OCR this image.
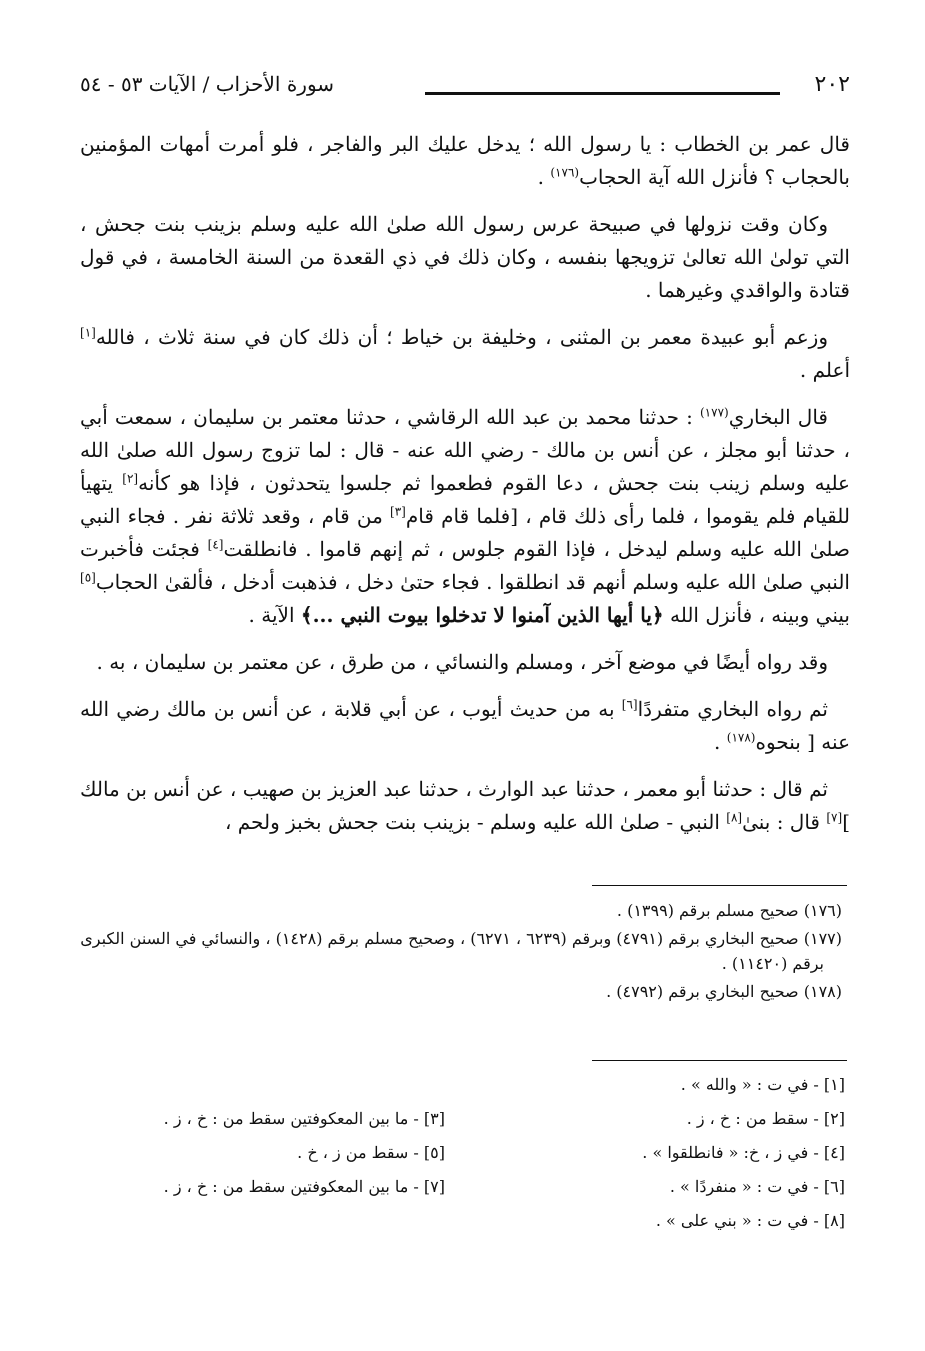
٢٠٢
سورة الأحزاب / الآيات ٥٣ - ٥٤

قال عمر بن الخطاب : يا رسول الله ؛ يدخل عليك البر والفاجر ، فلو أمرت أمهات المؤمنين بالحجاب ؟ فأنزل الله آية الحجاب$^{(١٧٦)}$ .

وكان وقت نزولها في صبيحة عرس رسول الله صلىٰ الله عليه وسلم بزينب بنت جحش ، التي تولىٰ الله تعالىٰ تزويجها بنفسه ، وكان ذلك في ذي القعدة من السنة الخامسة ، في قول قتادة والواقدي وغيرهما .

وزعم أبو عبيدة معمر بن المثنى ، وخليفة بن خياط ؛ أن ذلك كان في سنة ثلاث ، فالله[١] أعلم .

قال البخاري$^{(١٧٧)}$ : حدثنا محمد بن عبد الله الرقاشي ، حدثنا معتمر بن سليمان ، سمعت أبي ، حدثنا أبو مجلز ، عن أنس بن مالك - رضي الله عنه - قال : لما تزوج رسول الله صلىٰ الله عليه وسلم زينب بنت جحش ، دعا القوم فطعموا ثم جلسوا يتحدثون ، فإذا هو كأنه[٢] يتهيأ للقيام فلم يقوموا ، فلما رأى ذلك قام ، [فلما قام قام[٣] من قام ، وقعد ثلاثة نفر . فجاء النبي صلىٰ الله عليه وسلم ليدخل ، فإذا القوم جلوس ، ثم إنهم قاموا . فانطلقت[٤] فجئت فأخبرت النبي صلىٰ الله عليه وسلم أنهم قد انطلقوا . فجاء حتىٰ دخل ، فذهبت أدخل ، فألقىٰ الحجاب[٥] بيني وبينه ، فأنزل الله ﴿يا أيها الذين آمنوا لا تدخلوا بيوت النبي ...﴾ الآية .

وقد رواه أيضًا في موضع آخر ، ومسلم والنسائي ، من طرق ، عن معتمر بن سليمان ، به .

ثم رواه البخاري متفردًا[٦] به من حديث أيوب ، عن أبي قلابة ، عن أنس بن مالك رضي الله عنه [ بنحوه$^{(١٧٨)}$ .

ثم قال : حدثنا أبو معمر ، حدثنا عبد الوارث ، حدثنا عبد العزيز بن صهيب ، عن أنس بن مالك ][٧] قال : بنىٰ[٨] النبي - صلىٰ الله عليه وسلم - بزينب بنت جحش بخبز ولحم ،

(١٧٦) صحيح مسلم برقم (١٣٩٩) .

(١٧٧) صحيح البخاري برقم (٤٧٩١) وبرقم (٦٢٣٩ ، ٦٢٧١) ، وصحيح مسلم برقم (١٤٢٨) ، والنسائي في السنن الكبرى برقم (١١٤٢٠) .

(١٧٨) صحيح البخاري برقم (٤٧٩٢) .

[١] - في ت : « والله » .
[٢] - سقط من : خ ، ز .
[٤] - في ز ، خ: « فانطلقوا » .
[٦] - في ت : « منفردًا » .
[٨] - في ت : « بني على » .
[٣] - ما بين المعكوفتين سقط من : خ ، ز .
[٥] - سقط من ز ، خ .
[٧] - ما بين المعكوفتين سقط من : خ ، ز .
